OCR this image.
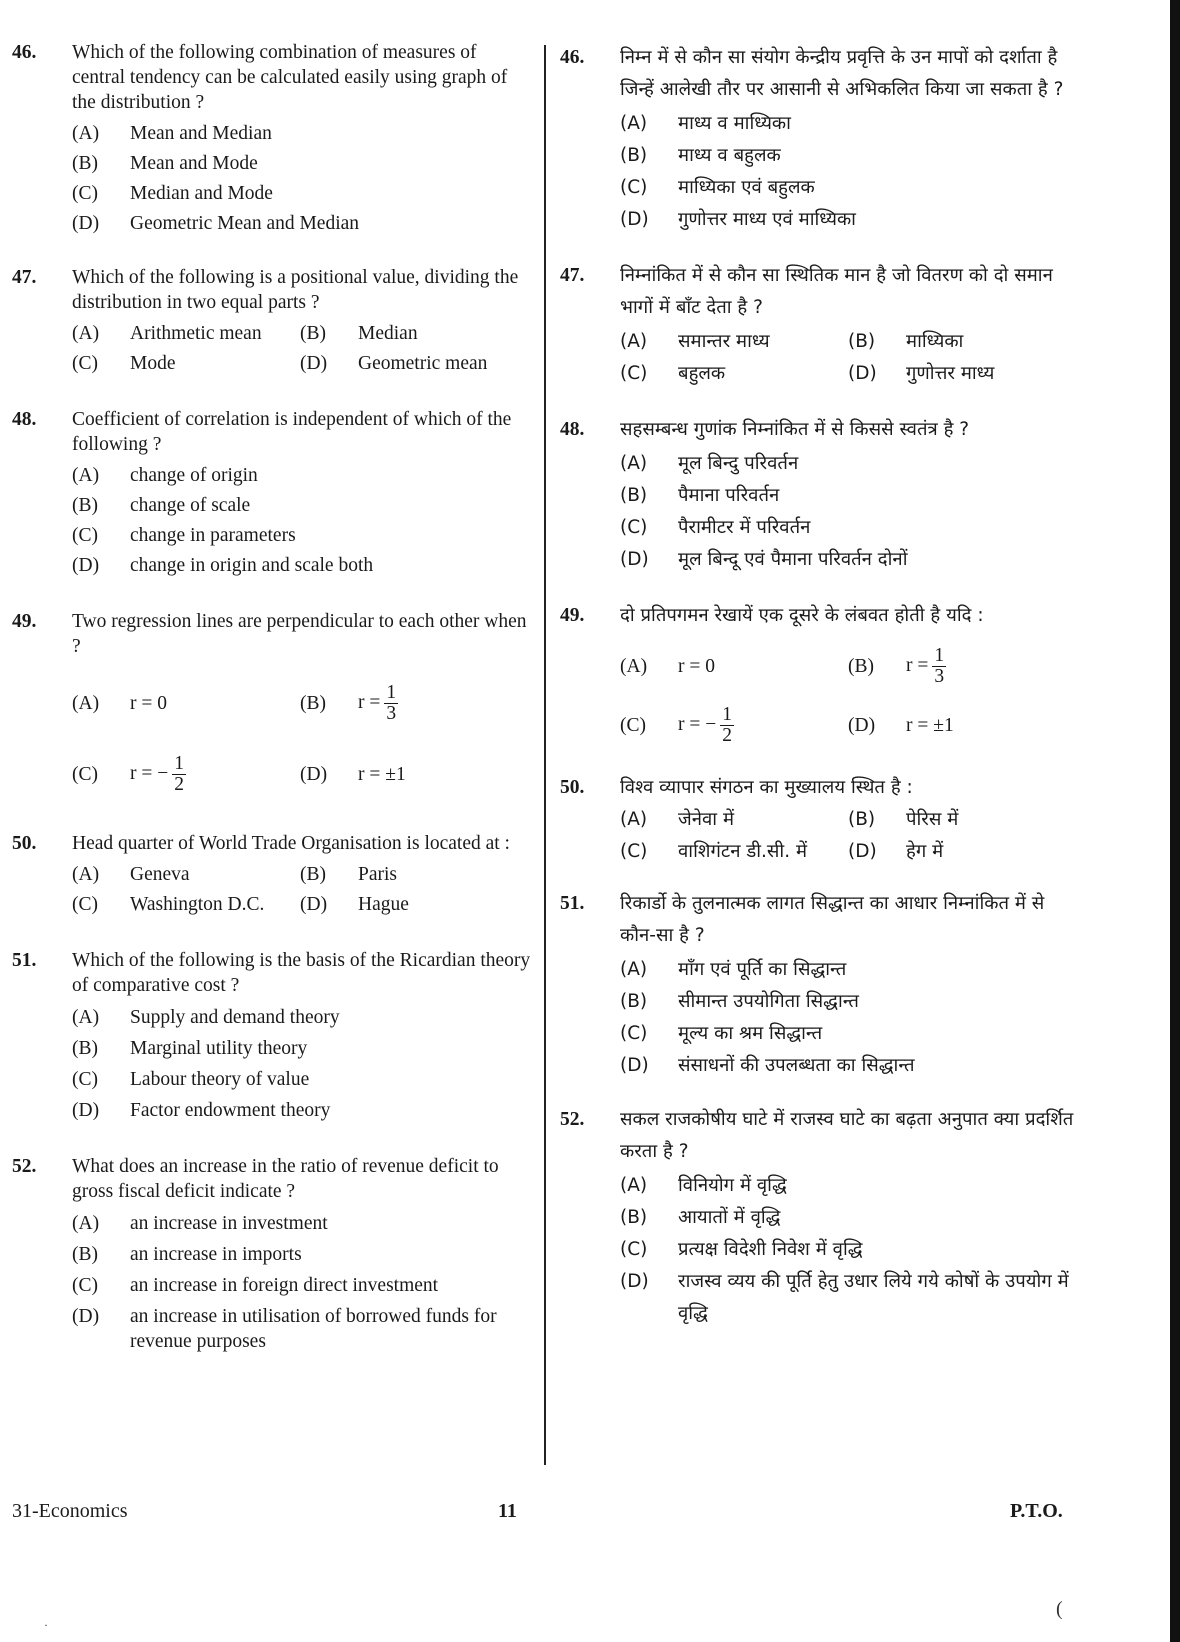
46.	Which of the following combination of measures of central tendency can be calculated easily using graph of the distribution ?
(A)	Mean and Median
(B)	Mean and Mode
(C)	Median and Mode
(D)	Geometric Mean and Median
47.	Which of the following is a positional value, dividing the distribution in two equal parts ?
(A)	Arithmetic mean	(B)	Median
(C)	Mode	(D)	Geometric mean
48.	Coefficient of correlation is independent of which of the following ?
(A)	change of origin
(B)	change of scale
(C)	change in parameters
(D)	change in origin and scale both
49.	Two regression lines are perpendicular to each other when ?
(A)	r = 0	(B)	$r = \frac{1}{3}$
(C)	r = − $\frac{1}{2}$	(D)	r = ±1
50.	Head quarter of World Trade Organisation is located at :
(A)	Geneva	(B)	Paris
(C)	Washington D.C.	(D)	Hague
51.	Which of the following is the basis of the Ricardian theory of comparative cost ?
(A)	Supply and demand theory
(B)	Marginal utility theory
(C)	Labour theory of value
(D)	Factor endowment theory
52.	What does an increase in the ratio of revenue deficit to gross fiscal deficit indicate ?
(A)	an increase in investment
(B)	an increase in imports
(C)	an increase in foreign direct investment
(D)	an increase in utilisation of borrowed funds for revenue purposes
46.	निम्न में से कौन सा संयोग केन्द्रीय प्रवृत्ति के उन मापों को दर्शाता है जिन्हें आलेखी तौर पर आसानी से अभिकलित किया जा सकता है ?
(A)	माध्य व माध्यिका
(B)	माध्य व बहुलक
(C)	माध्यिका एवं बहुलक
(D)	गुणोत्तर माध्य एवं माध्यिका
47.	निम्नांकित में से कौन सा स्थितिक मान है जो वितरण को दो समान भागों में बाँट देता है ?
(A)	समान्तर माध्य	(B)	माध्यिका
(C)	बहुलक	(D)	गुणोत्तर माध्य
48.	सहसम्बन्ध गुणांक निम्नांकित में से किससे स्वतंत्र है ?
(A)	मूल बिन्दु परिवर्तन
(B)	पैमाना परिवर्तन
(C)	पैरामीटर में परिवर्तन
(D)	मूल बिन्दू एवं पैमाना परिवर्तन दोनों
49.	दो प्रतिपगमन रेखायें एक दूसरे के लंबवत होती है यदि :
(A)	r = 0	(B)	$r = \frac{1}{3}$
(C)	r = − $\frac{1}{2}$	(D)	r = ±1
50.	विश्व व्यापार संगठन का मुख्यालय स्थित है :
(A)	जेनेवा में	(B)	पेरिस में
(C)	वाशिगंटन डी.सी. में	(D)	हेग में
51.	रिकार्डो के तुलनात्मक लागत सिद्धान्त का आधार निम्नांकित में से कौन-सा है ?
(A)	माँग एवं पूर्ति का सिद्धान्त
(B)	सीमान्त उपयोगिता सिद्धान्त
(C)	मूल्य का श्रम सिद्धान्त
(D)	संसाधनों की उपलब्धता का सिद्धान्त
52.	सकल राजकोषीय घाटे में राजस्व घाटे का बढ़ता अनुपात क्या प्रदर्शित करता है ?
(A)	विनियोग में वृद्धि
(B)	आयातों में वृद्धि
(C)	प्रत्यक्ष विदेशी निवेश में वृद्धि
(D)	राजस्व व्यय की पूर्ति हेतु उधार लिये गये कोषों के उपयोग में वृद्धि
31-Economics	11	P.T.O.
(
·
